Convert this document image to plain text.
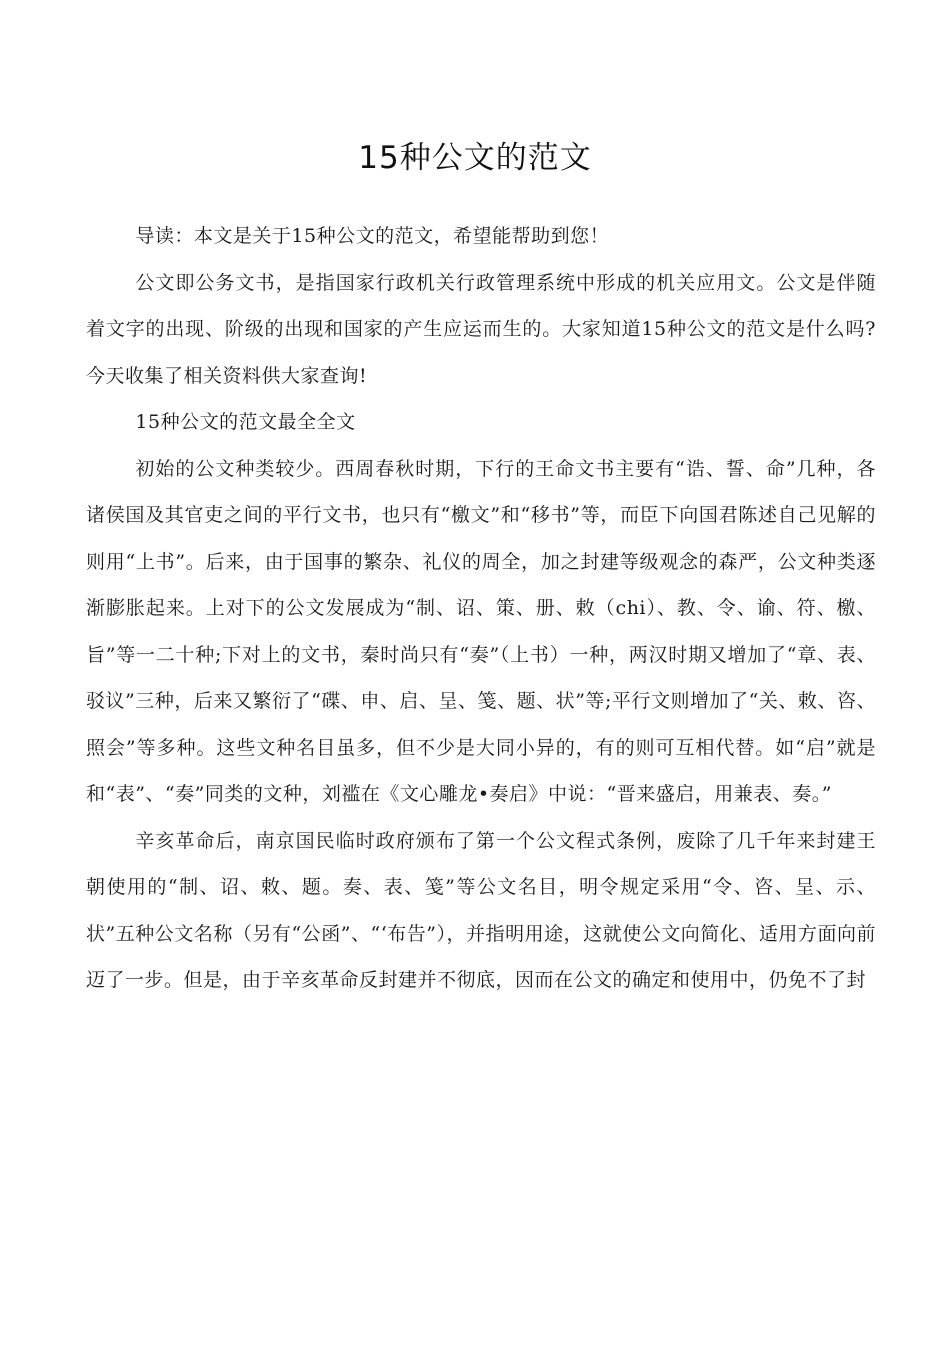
15种公文的范文

导读：本文是关于15种公文的范文，希望能帮助到您！

公文即公务文书，是指国家行政机关行政管理系统中形成的机关应用文。公文是伴随着文字的出现、阶级的出现和国家的产生应运而生的。大家知道15种公文的范文是什么吗?今天收集了相关资料供大家查询!

15种公文的范文最全全文

初始的公文种类较少。西周春秋时期，下行的王命文书主要有“诰、誓、命”几种，各诸侯国及其官吏之间的平行文书，也只有“檄文”和“移书”等，而臣下向国君陈述自己见解的则用“上书”。后来，由于国事的繁杂、礼仪的周全，加之封建等级观念的森严，公文种类逐渐膨胀起来。上对下的公文发展成为“制、诏、策、册、敕（chi）、教、令、谕、符、檄、旨”等一二十种;下对上的文书，秦时尚只有“奏”（上书）一种，两汉时期又增加了“章、表、驳议”三种，后来又繁衍了“碟、申、启、呈、笺、题、状”等;平行文则增加了“关、敕、咨、照会”等多种。这些文种名目虽多，但不少是大同小异的，有的则可互相代替。如“启”就是和“表”、“奏”同类的文种，刘褴在《文心雕龙•奏启》中说：“晋来盛启，用兼表、奏。”

辛亥革命后，南京国民临时政府颁布了第一个公文程式条例，废除了几千年来封建王朝使用的“制、诏、敕、题。奏、表、笺”等公文名目，明令规定采用“令、咨、呈、示、状”五种公文名称（另有“公函”、“‘布告”），并指明用途，这就使公文向简化、适用方面向前迈了一步。但是，由于辛亥革命反封建并不彻底，因而在公文的确定和使用中，仍免不了封
